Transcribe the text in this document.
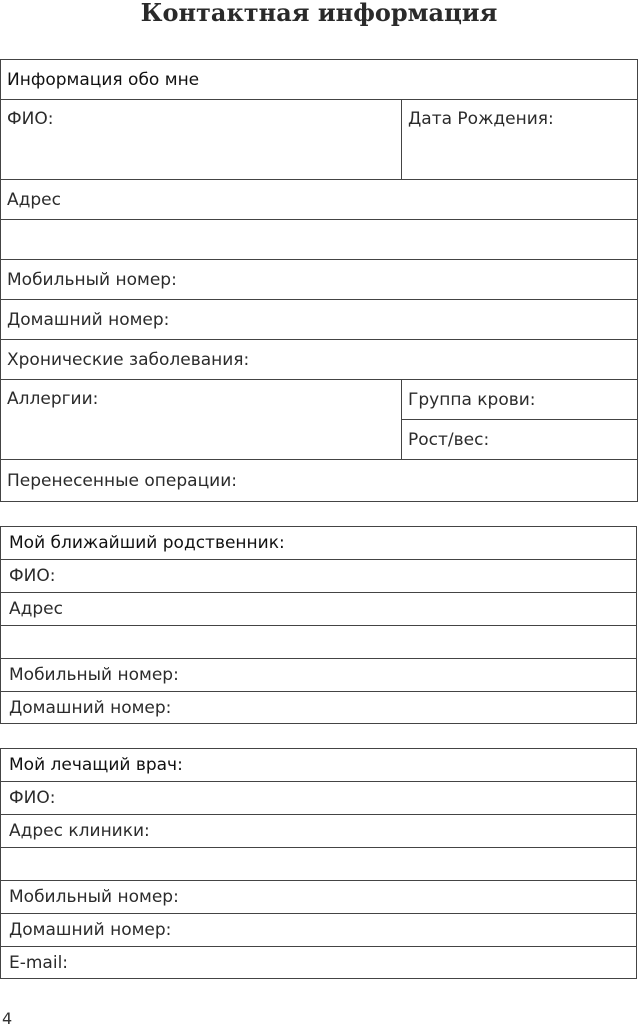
Контактная информация
Информация обо мне	
ФИО:	Дата Рождения:
Адрес	

Мобильный номер:	
Домашний номер:	
Хронические заболевания:	
Аллергии:	Группа крови:
	Рост/вес:
Перенесенные операции:	
Мой ближайший родственник:
ФИО:
Адрес

Мобильный номер:
Домашний номер:
Мой лечащий врач:
ФИО:
Адрес клиники:

Мобильный номер:
Домашний номер:
E-mail:
4
